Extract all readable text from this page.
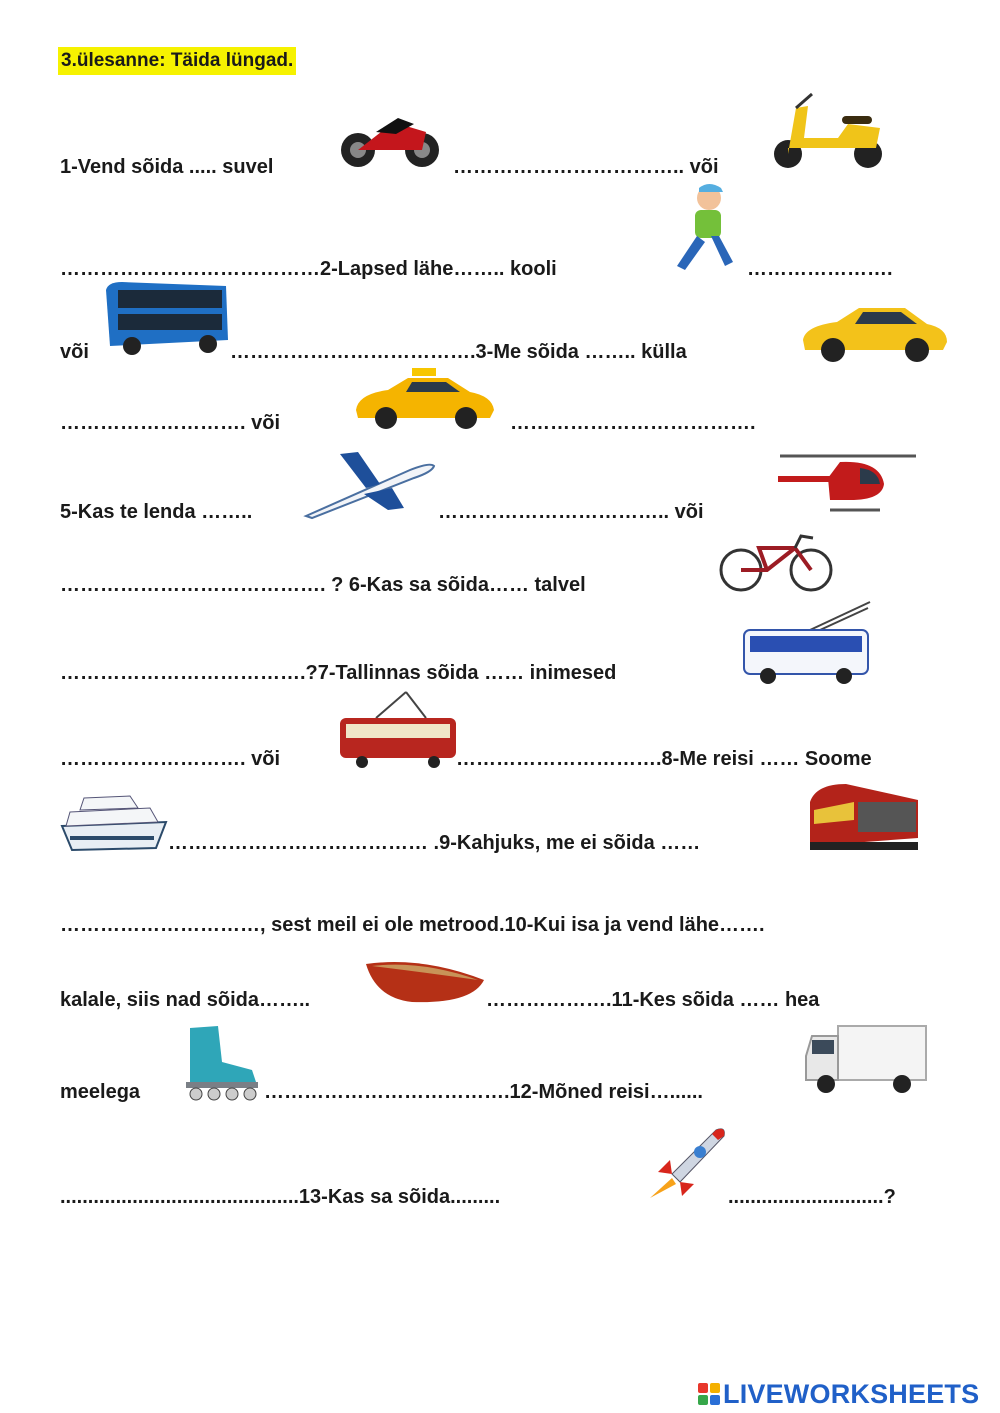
3.ülesanne: Täida lüngad.
1-Vend sõida ..... suvel	…………………………….. või
…………………………………2-Lapsed lähe…….. kooli	………………….
või	……………………………….3-Me sõida …….. külla
………………………. või	……………………………….
5-Kas te lenda ……..	…………………………….. või
…………………………………. ? 6-Kas sa sõida…… talvel
……………………………….?7-Tallinnas sõida …… inimesed
………………………. või	………………………….8-Me reisi …… Soome
………………………………… .9-Kahjuks, me ei sõida ……
…………………………, sest meil ei ole metrood.10-Kui isa ja vend lähe…….
kalale, siis nad sõida……..	……………….11-Kes sõida …… hea
meelega	……………………………….12-Mõned reisi…......
...........................................13-Kas sa sõida.........	............................?
LIVEWORKSHEETS
